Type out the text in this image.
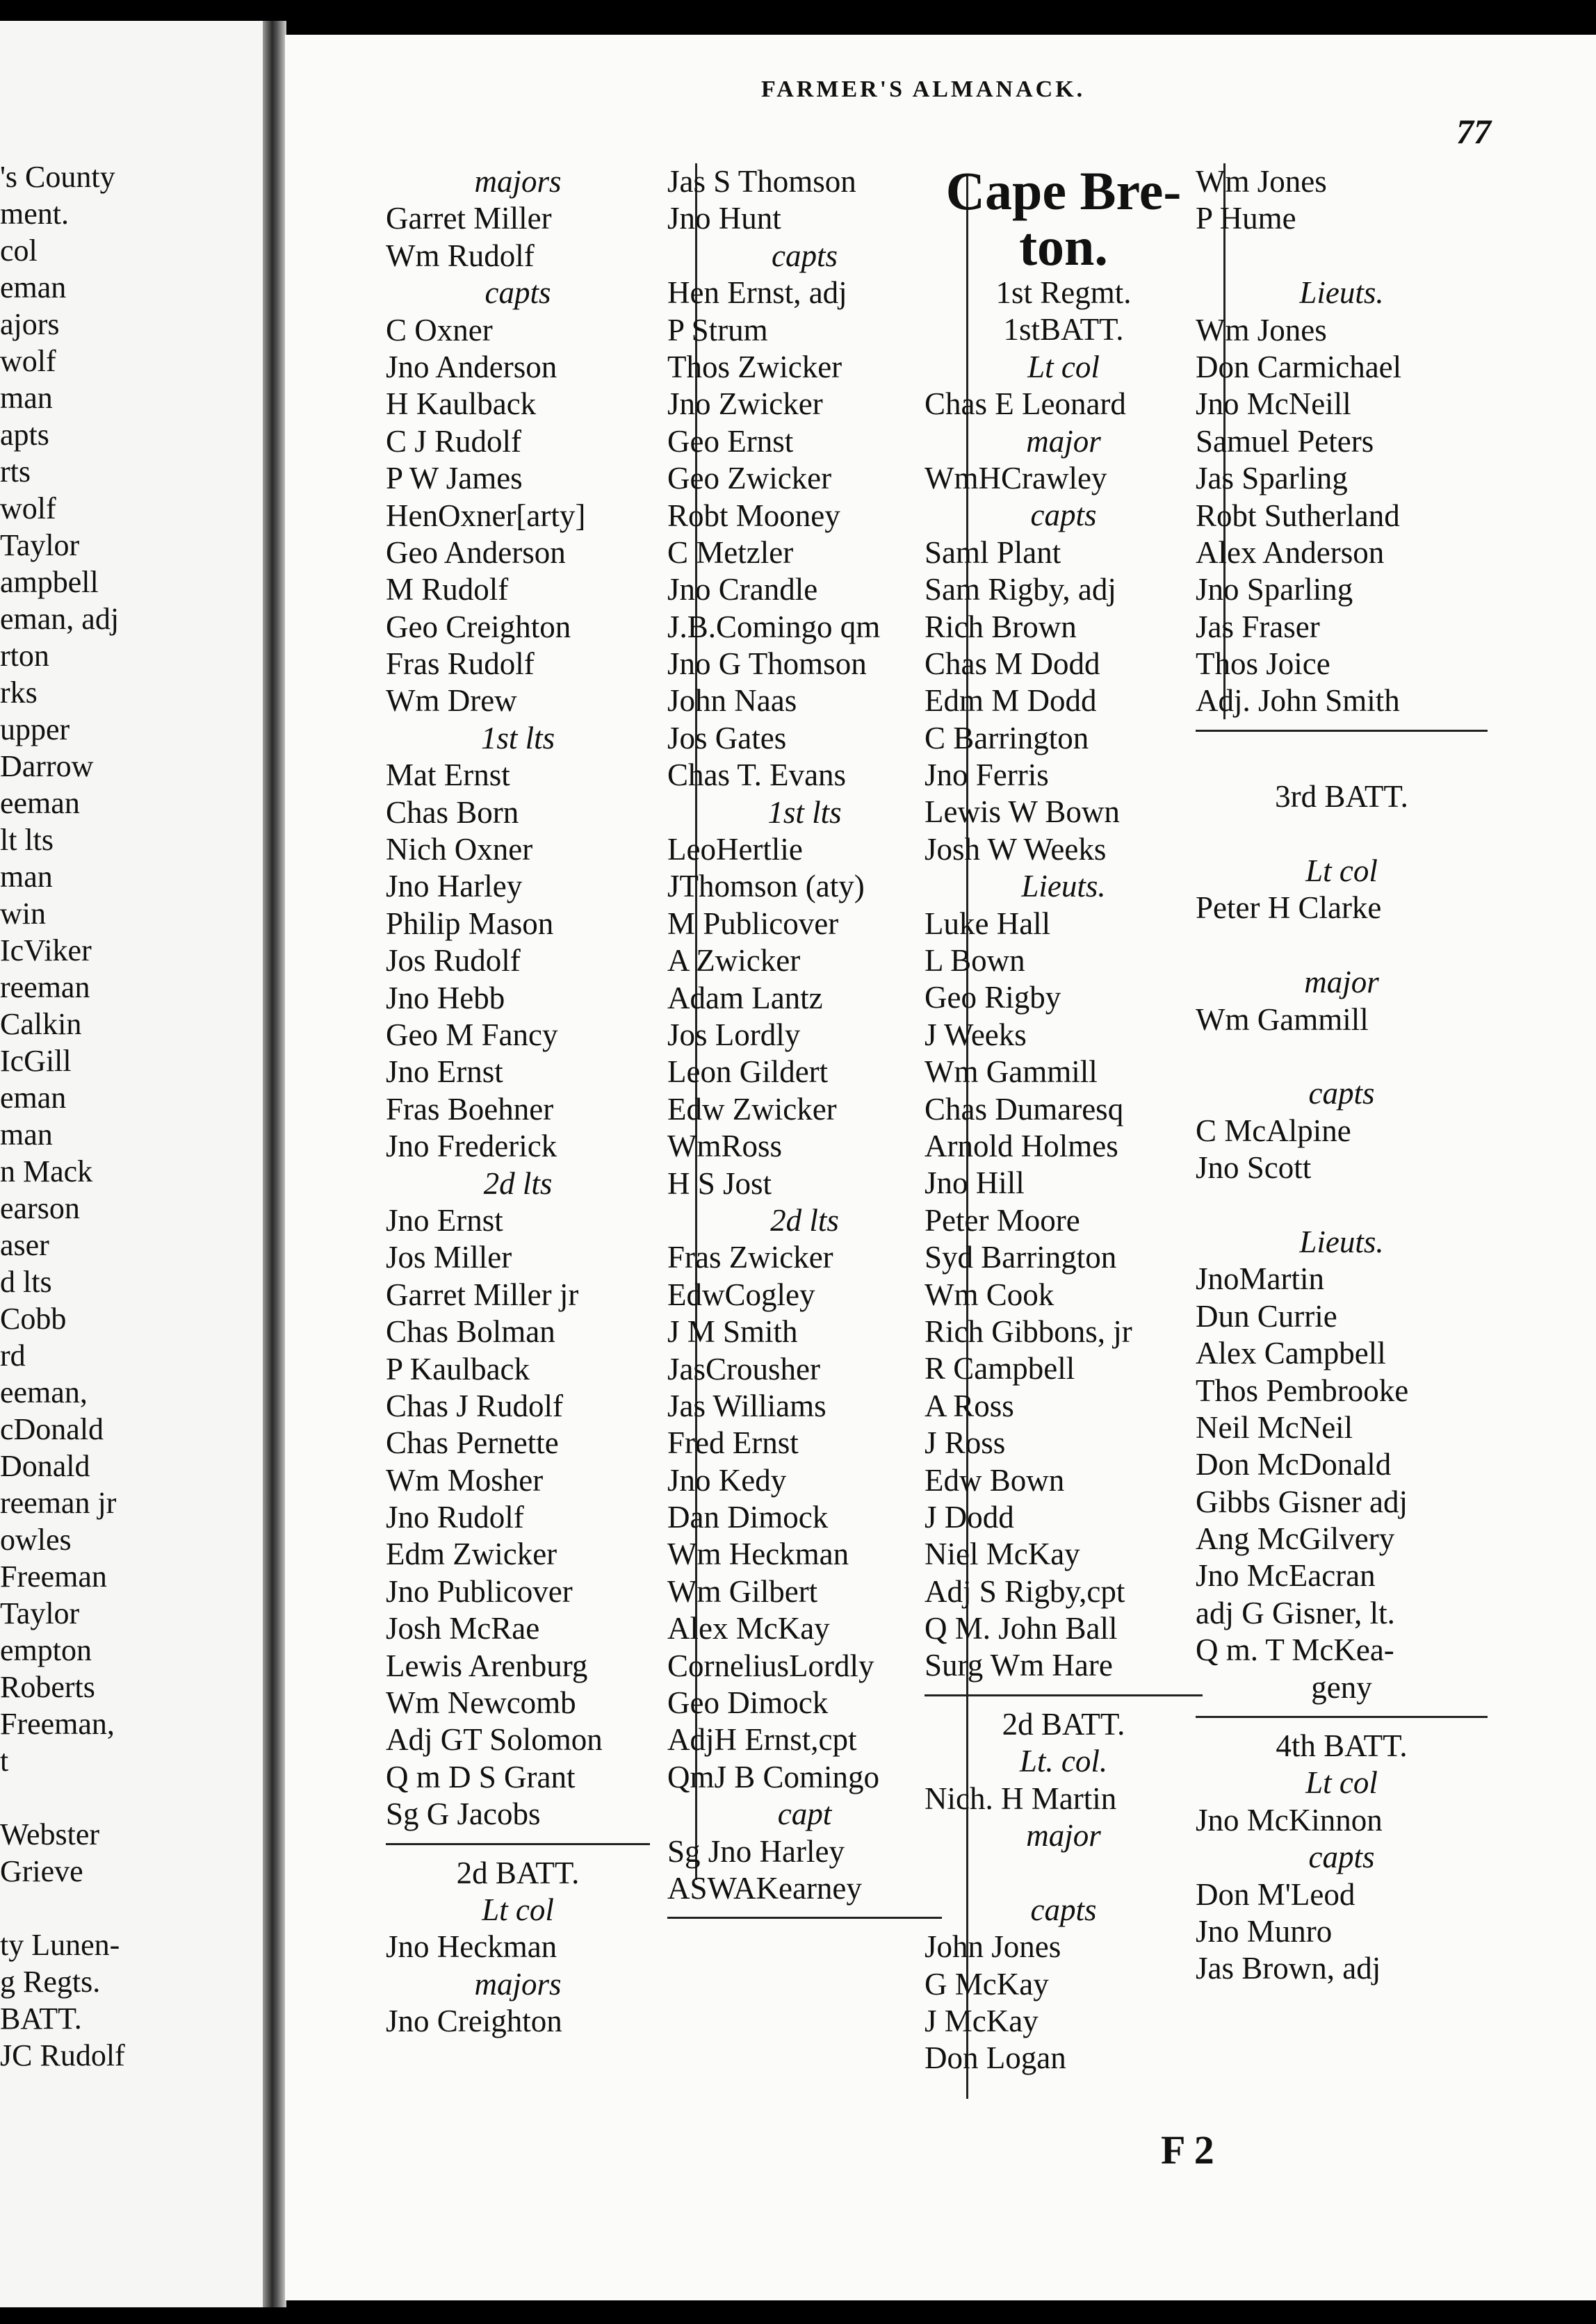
's County
ment.
col
eman
ajors
wolf
man
apts
rts
wolf
Taylor
ampbell
eman, adj
rton
rks
upper
Darrow
eeman
lt lts
man
win
IcViker
reeman
Calkin
IcGill
eman
man
n Mack
earson
aser
d lts
Cobb
rd
eeman,
cDonald
Donald
reeman jr
owles
Freeman
Taylor
empton
Roberts
Freeman,
t
Webster
Grieve
ty Lunen-
g Regts.
BATT.
JC Rudolf
FARMER'S ALMANACK.
77
majors
Garret Miller
Wm Rudolf
capts
C Oxner
Jno Anderson
H Kaulback
C J Rudolf
P W James
HenOxner[arty]
Geo Anderson
M Rudolf
Geo Creighton
Fras Rudolf
Wm Drew
1st lts
Mat Ernst
Chas Born
Nich Oxner
Jno Harley
Philip Mason
Jos Rudolf
Jno Hebb
Geo M Fancy
Jno Ernst
Fras Boehner
Jno Frederick
2d lts
Jno Ernst
Jos Miller
Garret Miller jr
Chas Bolman
P Kaulback
Chas J Rudolf
Chas Pernette
Wm Mosher
Jno Rudolf
Edm Zwicker
Jno Publicover
Josh McRae
Lewis Arenburg
Wm Newcomb
Adj GT Solomon
Q m D S Grant
Sg G Jacobs
2d BATT.
Lt col
Jno Heckman
majors
Jno Creighton
Jas S Thomson
Jno Hunt
capts
Hen Ernst, adj
P Strum
Thos Zwicker
Jno Zwicker
Geo Ernst
Geo Zwicker
Robt Mooney
C Metzler
Jno Crandle
J.B.Comingo qm
Jno G Thomson
John Naas
Jos Gates
Chas T. Evans
1st lts
LeoHertlie
JThomson (aty)
M Publicover
A Zwicker
Adam Lantz
Jos Lordly
Leon Gildert
Edw Zwicker
WmRoss
H S Jost
2d lts
Fras Zwicker
EdwCogley
J M Smith
JasCrousher
Jas Williams
Fred Ernst
Jno Kedy
Dan Dimock
Wm Heckman
Wm Gilbert
Alex McKay
CorneliusLordly
Geo Dimock
AdjH Ernst,cpt
QmJ B Comingo
capt
Sg Jno Harley
ASWAKearney
Cape Bre-
ton.
1st Regmt.
1stBATT.
Lt col
Chas E Leonard
major
WmHCrawley
capts
Saml Plant
Sam Rigby, adj
Rich Brown
Chas M Dodd
Edm M Dodd
C Barrington
Jno Ferris
Lewis W Bown
Josh W Weeks
Lieuts.
Luke Hall
L Bown
Geo Rigby
J Weeks
Wm Gammill
Chas Dumaresq
Arnold Holmes
Jno Hill
Peter Moore
Syd Barrington
Wm Cook
Rich Gibbons, jr
R Campbell
A Ross
J Ross
Edw Bown
J Dodd
Niel McKay
Adj S Rigby,cpt
Q M. John Ball
Surg Wm Hare
2d BATT.
Lt. col.
Nich. H Martin
major
capts
John Jones
G McKay
J McKay
Don Logan
Wm Jones
P Hume
Lieuts.
Wm Jones
Don Carmichael
Jno McNeill
Samuel Peters
Jas Sparling
Robt Sutherland
Alex Anderson
Jno Sparling
Jas Fraser
Thos Joice
Adj. John Smith
3rd BATT.
Lt col
Peter H Clarke
major
Wm Gammill
capts
C McAlpine
Jno Scott
Lieuts.
JnoMartin
Dun Currie
Alex Campbell
Thos Pembrooke
Neil McNeil
Don McDonald
Gibbs Gisner adj
Ang McGilvery
Jno McEacran
adj G Gisner, lt.
Q m. T McKea-
geny
4th BATT.
Lt col
Jno McKinnon
capts
Don M'Leod
Jno Munro
Jas Brown, adj
F 2
